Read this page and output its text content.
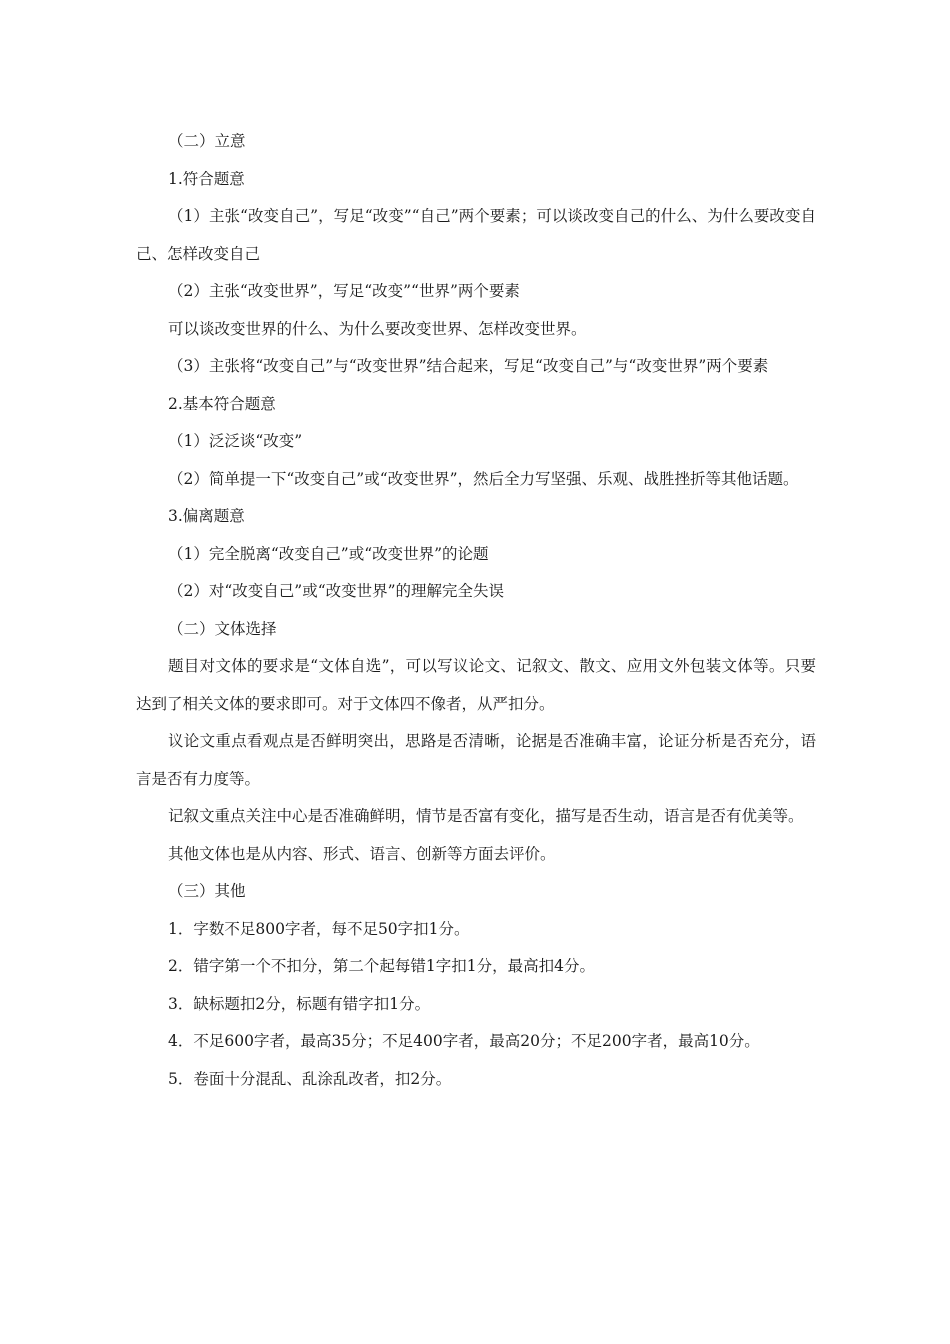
（二）立意

1.符合题意

（1）主张“改变自己”，写足“改变”“自己”两个要素；可以谈改变自己的什么、为什么要改变自己、怎样改变自己

（2）主张“改变世界”，写足“改变”“世界”两个要素

可以谈改变世界的什么、为什么要改变世界、怎样改变世界。

（3）主张将“改变自己”与“改变世界”结合起来，写足“改变自己”与“改变世界”两个要素

2.基本符合题意

（1）泛泛谈“改变”

（2）简单提一下“改变自己”或“改变世界”，然后全力写坚强、乐观、战胜挫折等其他话题。

3.偏离题意

（1）完全脱离“改变自己”或“改变世界”的论题

（2）对“改变自己”或“改变世界”的理解完全失误

（二）文体选择

题目对文体的要求是“文体自选”，可以写议论文、记叙文、散文、应用文外包装文体等。只要达到了相关文体的要求即可。对于文体四不像者，从严扣分。

议论文重点看观点是否鲜明突出，思路是否清晰，论据是否准确丰富，论证分析是否充分，语言是否有力度等。

记叙文重点关注中心是否准确鲜明，情节是否富有变化，描写是否生动，语言是否有优美等。

其他文体也是从内容、形式、语言、创新等方面去评价。

（三）其他

1．字数不足800字者，每不足50字扣1分。

2．错字第一个不扣分，第二个起每错1字扣1分，最高扣4分。

3．缺标题扣2分，标题有错字扣1分。

4．不足600字者，最高35分；不足400字者，最高20分；不足200字者，最高10分。

5．卷面十分混乱、乱涂乱改者，扣2分。
